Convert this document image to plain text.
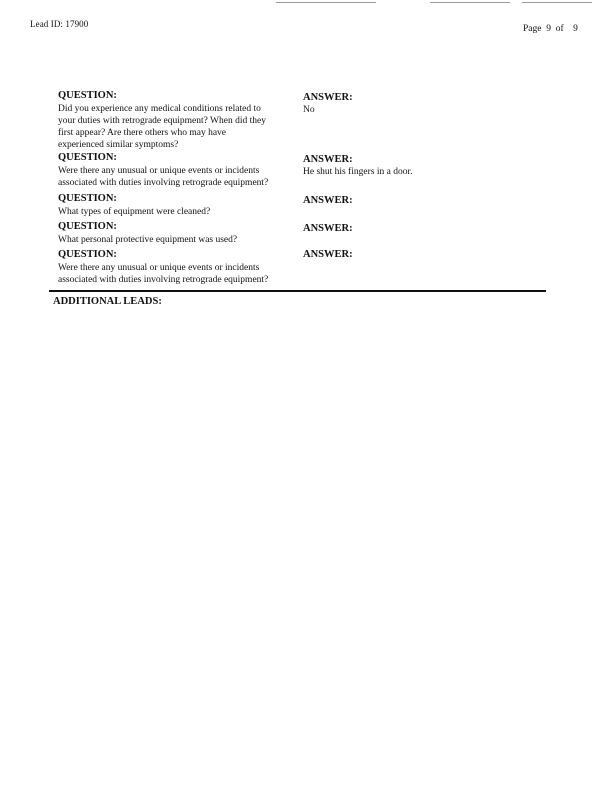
Lead ID: 17900	Page 9 of 9
QUESTION:
Did you experience any medical conditions related to
your duties with retrograde equipment? When did they
first appear? Are there others who may have
experienced similar symptoms?
ANSWER:
No
QUESTION:
Were there any unusual or unique events or incidents
associated with duties involving retrograde equipment?
ANSWER:
He shut his fingers in a door.
QUESTION:
What types of equipment were cleaned?
ANSWER:
QUESTION:
What personal protective equipment was used?
ANSWER:
QUESTION:
Were there any unusual or unique events or incidents
associated with duties involving retrograde equipment?
ANSWER:
ADDITIONAL LEADS:
